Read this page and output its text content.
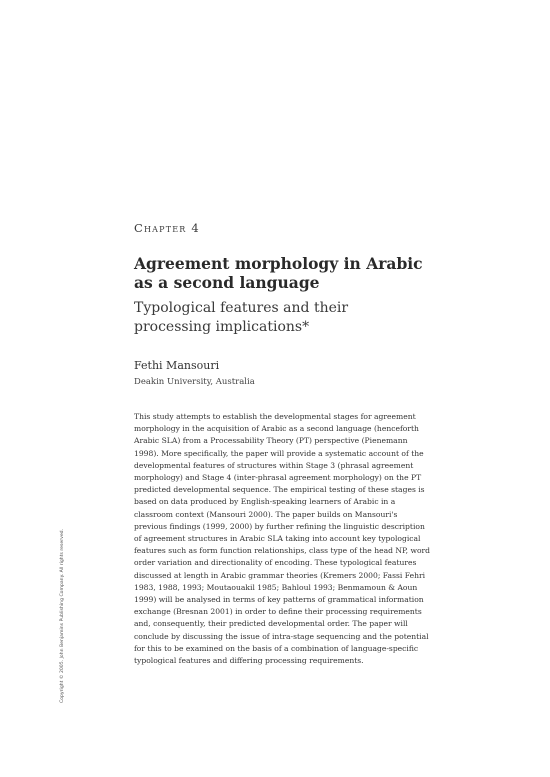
Chapter 4
Agreement morphology in Arabic
as a second language
Typological features and their
processing implications*
Fethi Mansouri
Deakin University, Australia
This study attempts to establish the developmental stages for agreement
morphology in the acquisition of Arabic as a second language (henceforth
Arabic SLA) from a Processability Theory (PT) perspective (Pienemann
1998). More specifically, the paper will provide a systematic account of the
developmental features of structures within Stage 3 (phrasal agreement
morphology) and Stage 4 (inter-phrasal agreement morphology) on the PT
predicted developmental sequence. The empirical testing of these stages is
based on data produced by English-speaking learners of Arabic in a
classroom context (Mansouri 2000). The paper builds on Mansouri's
previous findings (1999, 2000) by further refining the linguistic description
of agreement structures in Arabic SLA taking into account key typological
features such as form function relationships, class type of the head NP, word
order variation and directionality of encoding. These typological features
discussed at length in Arabic grammar theories (Kremers 2000; Fassi Fehri
1983, 1988, 1993; Moutaouakil 1985; Bahloul 1993; Benmamoun & Aoun
1999) will be analysed in terms of key patterns of grammatical information
exchange (Bresnan 2001) in order to define their processing requirements
and, consequently, their predicted developmental order. The paper will
conclude by discussing the issue of intra-stage sequencing and the potential
for this to be examined on the basis of a combination of language-specific
typological features and differing processing requirements.
Copyright © 2005. John Benjamins Publishing Company. All rights reserved.
